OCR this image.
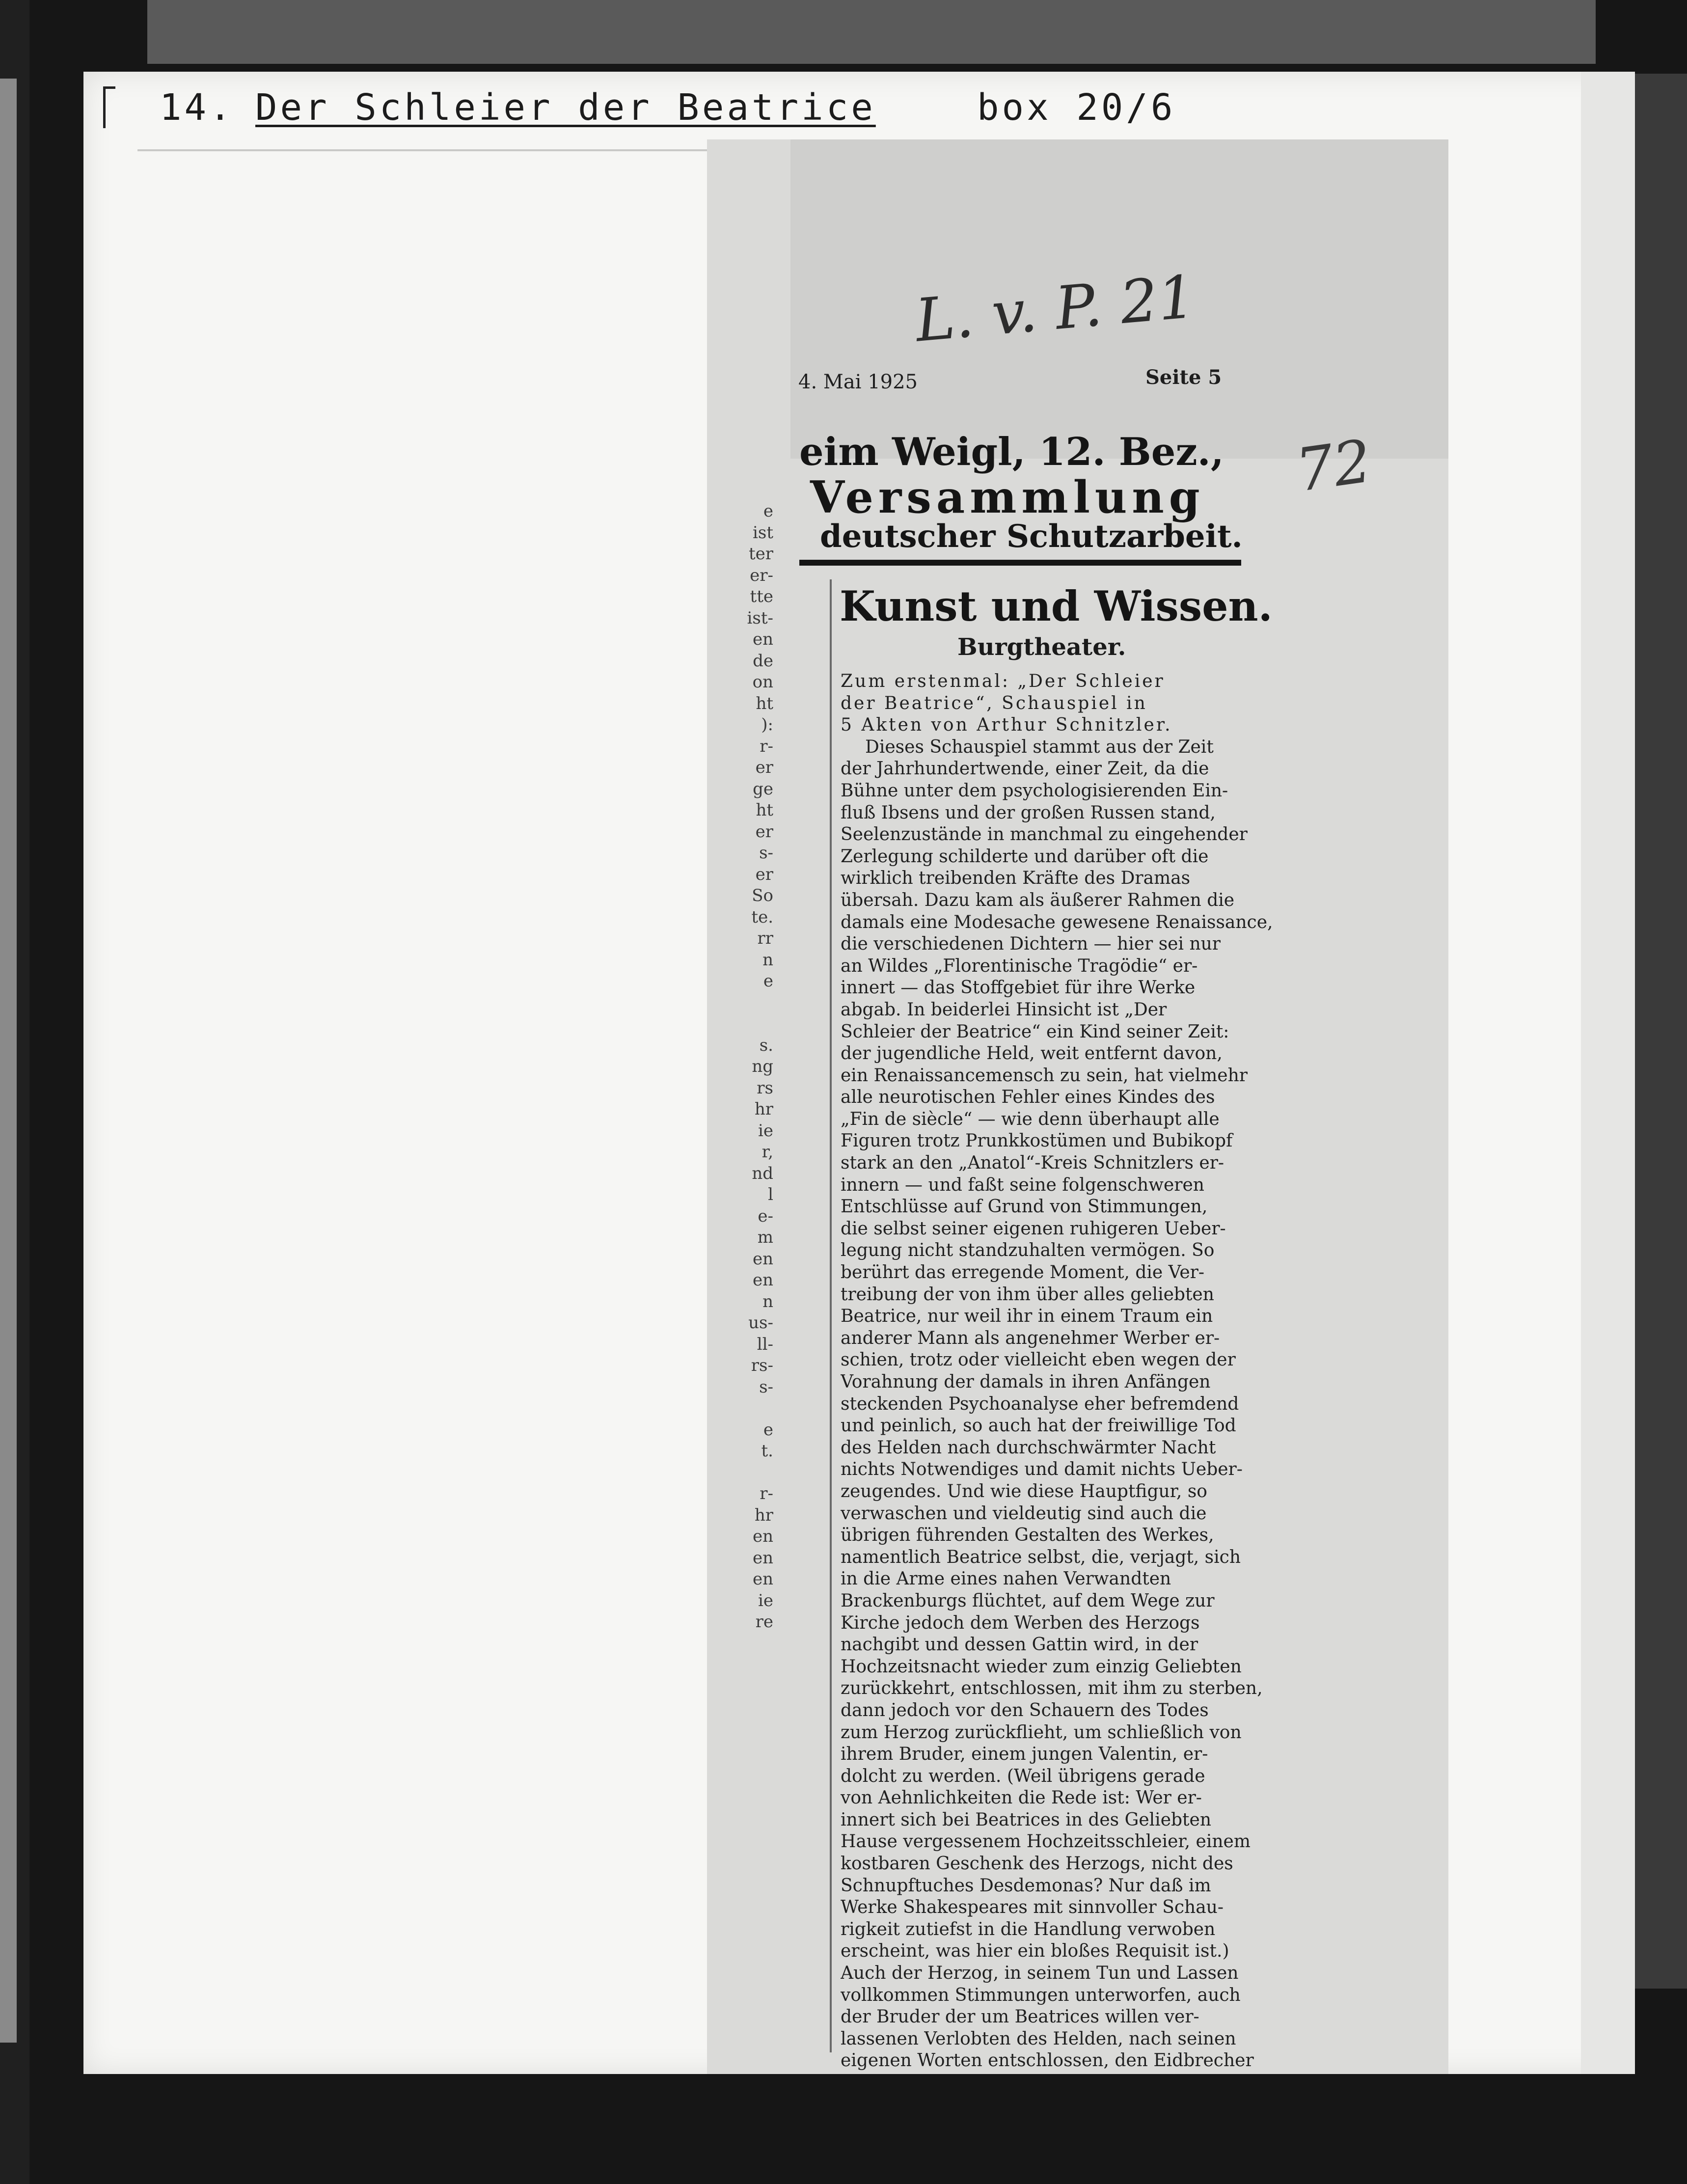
14. Der Schleier der Beatrice	box 20/6
e
ist
ter
er-
tte
ist-
en
de
on
ht
):
r-
er
ge
ht
er
s-
er
So
te.
rr
n
e
s.
ng
rs
hr
ie
r,
nd
l
e-
m
en
en
n
us-
ll-
rs-
s-
e
t.
r-
hr
en
en
en
ie
re
L. v. P. 21
72
4. Mai 1925	Seite 5
eim Weigl, 12. Bez.,
Versammlung
deutscher Schutzarbeit.
Kunst und Wissen.
Burgtheater.
Zum erstenmal: „Der Schleier
der Beatrice“, Schauspiel in
5 Akten von Arthur Schnitzler.
Dieses Schauspiel stammt aus der Zeit
der Jahrhundertwende, einer Zeit, da die
Bühne unter dem psychologisierenden Ein-
fluß Ibsens und der großen Russen stand,
Seelenzustände in manchmal zu eingehender
Zerlegung schilderte und darüber oft die
wirklich treibenden Kräfte des Dramas
übersah. Dazu kam als äußerer Rahmen die
damals eine Modesache gewesene Renaissance,
die verschiedenen Dichtern — hier sei nur
an Wildes „Florentinische Tragödie“ er-
innert — das Stoffgebiet für ihre Werke
abgab. In beiderlei Hinsicht ist „Der
Schleier der Beatrice“ ein Kind seiner Zeit:
der jugendliche Held, weit entfernt davon,
ein Renaissancemensch zu sein, hat vielmehr
alle neurotischen Fehler eines Kindes des
„Fin de siècle“ — wie denn überhaupt alle
Figuren trotz Prunkkostümen und Bubikopf
stark an den „Anatol“-Kreis Schnitzlers er-
innern — und faßt seine folgenschweren
Entschlüsse auf Grund von Stimmungen,
die selbst seiner eigenen ruhigeren Ueber-
legung nicht standzuhalten vermögen. So
berührt das erregende Moment, die Ver-
treibung der von ihm über alles geliebten
Beatrice, nur weil ihr in einem Traum ein
anderer Mann als angenehmer Werber er-
schien, trotz oder vielleicht eben wegen der
Vorahnung der damals in ihren Anfängen
steckenden Psychoanalyse eher befremdend
und peinlich, so auch hat der freiwillige Tod
des Helden nach durchschwärmter Nacht
nichts Notwendiges und damit nichts Ueber-
zeugendes. Und wie diese Hauptfigur, so
verwaschen und vieldeutig sind auch die
übrigen führenden Gestalten des Werkes,
namentlich Beatrice selbst, die, verjagt, sich
in die Arme eines nahen Verwandten
Brackenburgs flüchtet, auf dem Wege zur
Kirche jedoch dem Werben des Herzogs
nachgibt und dessen Gattin wird, in der
Hochzeitsnacht wieder zum einzig Geliebten
zurückkehrt, entschlossen, mit ihm zu sterben,
dann jedoch vor den Schauern des Todes
zum Herzog zurückflieht, um schließlich von
ihrem Bruder, einem jungen Valentin, er-
dolcht zu werden. (Weil übrigens gerade
von Aehnlichkeiten die Rede ist: Wer er-
innert sich bei Beatrices in des Geliebten
Hause vergessenem Hochzeitsschleier, einem
kostbaren Geschenk des Herzogs, nicht des
Schnupftuches Desdemonas? Nur daß im
Werke Shakespeares mit sinnvoller Schau-
rigkeit zutiefst in die Handlung verwoben
erscheint, was hier ein bloßes Requisit ist.)
Auch der Herzog, in seinem Tun und Lassen
vollkommen Stimmungen unterworfen, auch
der Bruder der um Beatrices willen ver-
lassenen Verlobten des Helden, nach seinen
eigenen Worten entschlossen, den Eidbrecher
